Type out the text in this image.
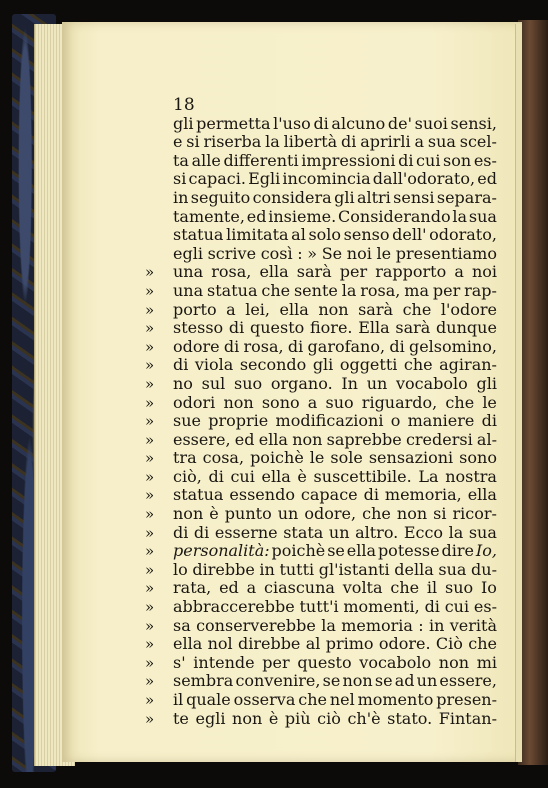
18
gli permetta l'uso di alcuno de' suoi sensi,
e si riserba la libertà di aprirli a sua scel-
ta alle differenti impressioni di cui son es-
si capaci. Egli incomincia dall'odorato, ed
in seguito considera gli altri sensi separa-
tamente, ed insieme. Considerando la sua
statua limitata al solo senso dell' odorato,
egli scrive così : » Se noi le presentiamo
» una rosa, ella sarà per rapporto a noi
» una statua che sente la rosa, ma per rap-
» porto a lei, ella non sarà che l'odore
» stesso di questo fiore. Ella sarà dunque
» odore di rosa, di garofano, di gelsomino,
» di viola secondo gli oggetti che agiran-
» no sul suo organo. In un vocabolo gli
» odori non sono a suo riguardo, che le
» sue proprie modificazioni o maniere di
» essere, ed ella non saprebbe credersi al-
» tra cosa, poichè le sole sensazioni sono
» ciò, di cui ella è suscettibile. La nostra
» statua essendo capace di memoria, ella
» non è punto un odore, che non si ricor-
» di di esserne stata un altro. Ecco la sua
» personalità: poichè se ella potesse dire Io,
» lo direbbe in tutti gl'istanti della sua du-
» rata, ed a ciascuna volta che il suo Io
» abbraccerebbe tutt'i momenti, di cui es-
» sa conserverebbe la memoria : in verità
» ella nol direbbe al primo odore. Ciò che
» s' intende per questo vocabolo non mi
» sembra convenire, se non se ad un essere,
» il quale osserva che nel momento presen-
» te egli non è più ciò ch'è stato. Fintan-
